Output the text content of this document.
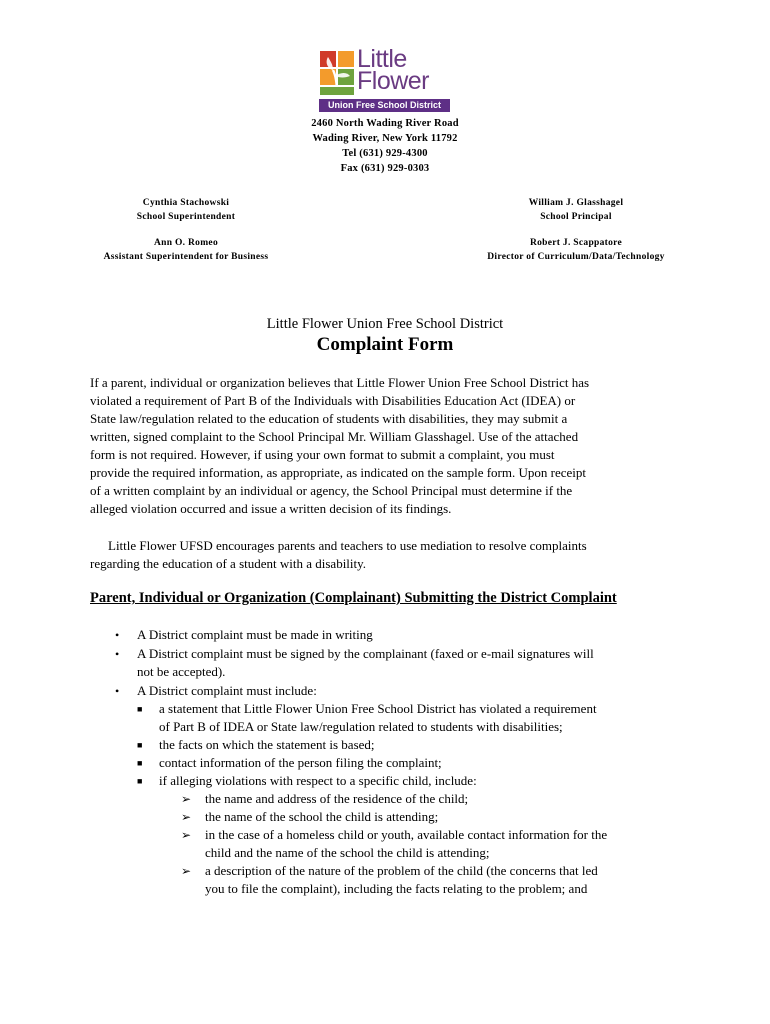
Little
Flower
Union Free School District
2460 North Wading River Road
Wading River, New York 11792
Tel (631) 929-4300
Fax (631) 929-0303
Cynthia Stachowski
School Superintendent
William J. Glasshagel
School Principal
Ann O. Romeo
Assistant Superintendent for Business
Robert J. Scappatore
Director of Curriculum/Data/Technology
Little Flower Union Free School District
Complaint Form
If a parent, individual or organization believes that Little Flower Union Free School District has
violated a requirement of Part B of the Individuals with Disabilities Education Act (IDEA) or
State law/regulation related to the education of students with disabilities, they may submit a
written, signed complaint to the School Principal Mr. William Glasshagel. Use of the attached
form is not required. However, if using your own format to submit a complaint, you must
provide the required information, as appropriate, as indicated on the sample form. Upon receipt
of a written complaint by an individual or agency, the School Principal must determine if the
alleged violation occurred and issue a written decision of its findings.
Little Flower UFSD encourages parents and teachers to use mediation to resolve complaints
regarding the education of a student with a disability.
Parent, Individual or Organization (Complainant) Submitting the District Complaint
• A District complaint must be made in writing
• A District complaint must be signed by the complainant (faxed or e-mail signatures will
not be accepted).
• A District complaint must include:
■ a statement that Little Flower Union Free School District has violated a requirement
of Part B of IDEA or State law/regulation related to students with disabilities;
■ the facts on which the statement is based;
■ contact information of the person filing the complaint;
■ if alleging violations with respect to a specific child, include:
➢ the name and address of the residence of the child;
➢ the name of the school the child is attending;
➢ in the case of a homeless child or youth, available contact information for the
child and the name of the school the child is attending;
➢ a description of the nature of the problem of the child (the concerns that led
you to file the complaint), including the facts relating to the problem; and
